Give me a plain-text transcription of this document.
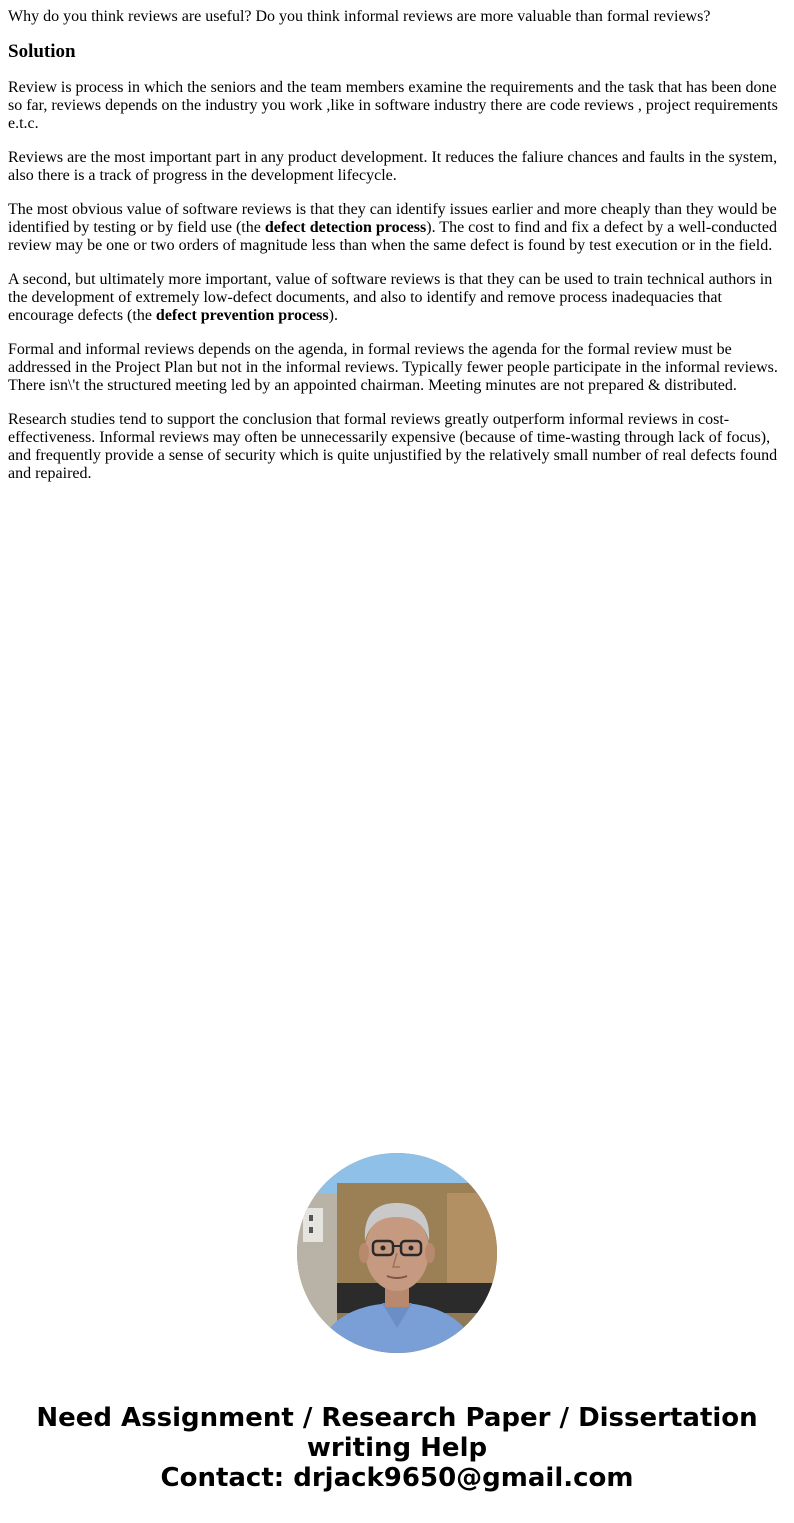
Why do you think reviews are useful? Do you think informal reviews are more valuable than formal reviews?

Solution

Review is process in which the seniors and the team members examine the requirements and the task that has been done so far, reviews depends on the industry you work ,like in software industry there are code reviews , project requirements e.t.c.

Reviews are the most important part in any product development. It reduces the faliure chances and faults in the system, also there is a track of progress in the development lifecycle.

The most obvious value of software reviews is that they can identify issues earlier and more cheaply than they would be identified by testing or by field use (the defect detection process). The cost to find and fix a defect by a well-conducted review may be one or two orders of magnitude less than when the same defect is found by test execution or in the field.

A second, but ultimately more important, value of software reviews is that they can be used to train technical authors in the development of extremely low-defect documents, and also to identify and remove process inadequacies that encourage defects (the defect prevention process).

Formal and informal reviews depends on the agenda, in formal reviews the agenda for the formal review must be addressed in the Project Plan but not in the informal reviews. Typically fewer people participate in the informal reviews. There isn\'t the structured meeting led by an appointed chairman. Meeting minutes are not prepared & distributed.

Research studies tend to support the conclusion that formal reviews greatly outperform informal reviews in cost-effectiveness. Informal reviews may often be unnecessarily expensive (because of time-wasting through lack of focus), and frequently provide a sense of security which is quite unjustified by the relatively small number of real defects found and repaired.

Need Assignment / Research Paper / Dissertation
writing Help
Contact: drjack9650@gmail.com
